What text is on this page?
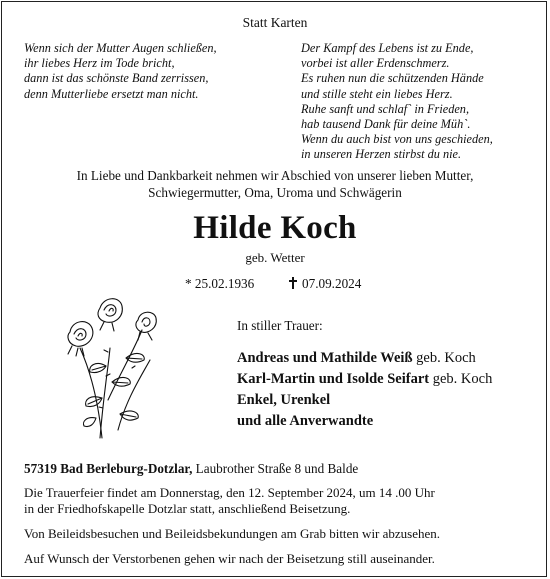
Statt Karten
Wenn sich der Mutter Augen schließen,
ihr liebes Herz im Tode bricht,
dann ist das schönste Band zerrissen,
denn Mutterliebe ersetzt man nicht.
Der Kampf des Lebens ist zu Ende,
vorbei ist aller Erdenschmerz.
Es ruhen nun die schützenden Hände
und stille steht ein liebes Herz.
Ruhe sanft und schlaf` in Frieden,
hab tausend Dank für deine Müh`.
Wenn du auch bist von uns geschieden,
in unseren Herzen stirbst du nie.
In Liebe und Dankbarkeit nehmen wir Abschied von unserer lieben Mutter,
Schwiegermutter, Oma, Uroma und Schwägerin
Hilde Koch
geb. Wetter
* 25.02.1936	07.09.2024
In stiller Trauer:
Andreas und Mathilde Weiß geb. Koch
Karl-Martin und Isolde Seifart geb. Koch
Enkel, Urenkel
und alle Anverwandte
57319 Bad Berleburg-Dotzlar, Laubrother Straße 8 und Balde
Die Trauerfeier findet am Donnerstag, den 12. September 2024, um 14 .00 Uhr
in der Friedhofskapelle Dotzlar statt, anschließend Beisetzung.
Von Beileidsbesuchen und Beileidsbekundungen am Grab bitten wir abzusehen.
Auf Wunsch der Verstorbenen gehen wir nach der Beisetzung still auseinander.
